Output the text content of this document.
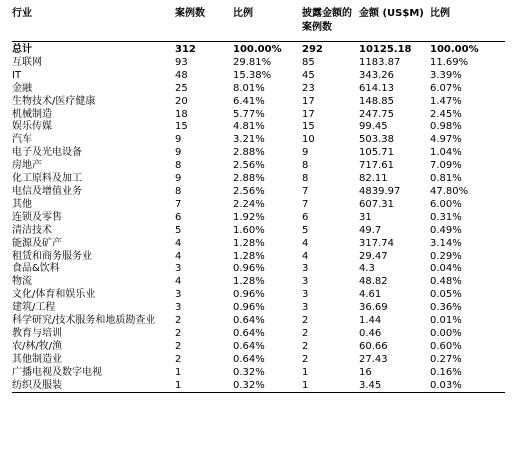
行业	案例数	比例	披露金额的案例数	金额 (US$M)	比例
总计	312	100.00%	292	10125.18	100.00%
互联网	93	29.81%	85	1183.87	11.69%
IT	48	15.38%	45	343.26	3.39%
金融	25	8.01%	23	614.13	6.07%
生物技术/医疗健康	20	6.41%	17	148.85	1.47%
机械制造	18	5.77%	17	247.75	2.45%
娱乐传媒	15	4.81%	15	99.45	0.98%
汽车	9	3.21%	10	503.38	4.97%
电子及光电设备	9	2.88%	9	105.71	1.04%
房地产	8	2.56%	8	717.61	7.09%
化工原料及加工	9	2.88%	8	82.11	0.81%
电信及增值业务	8	2.56%	7	4839.97	47.80%
其他	7	2.24%	7	607.31	6.00%
连锁及零售	6	1.92%	6	31	0.31%
清洁技术	5	1.60%	5	49.7	0.49%
能源及矿产	4	1.28%	4	317.74	3.14%
租赁和商务服务业	4	1.28%	4	29.47	0.29%
食品&饮料	3	0.96%	3	4.3	0.04%
物流	4	1.28%	3	48.82	0.48%
文化/体育和娱乐业	3	0.96%	3	4.61	0.05%
建筑/工程	3	0.96%	3	36.69	0.36%
科学研究/技术服务和地质勘查业	2	0.64%	2	1.44	0.01%
教育与培训	2	0.64%	2	0.46	0.00%
农/林/牧/渔	2	0.64%	2	60.66	0.60%
其他制造业	2	0.64%	2	27.43	0.27%
广播电视及数字电视	1	0.32%	1	16	0.16%
纺织及服装	1	0.32%	1	3.45	0.03%
